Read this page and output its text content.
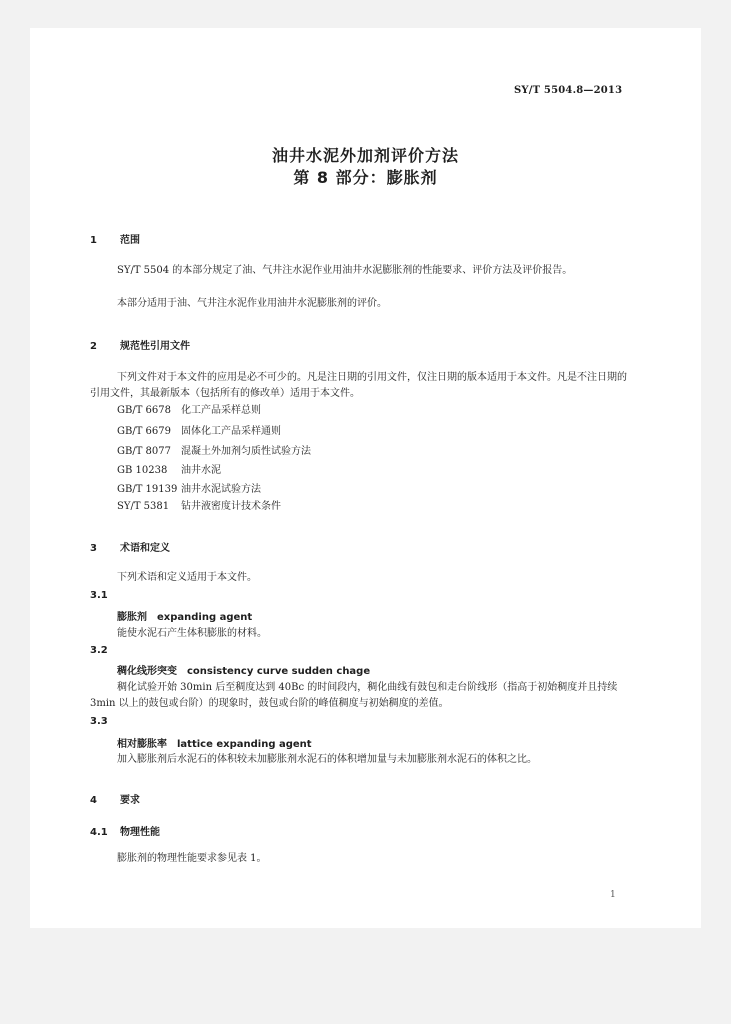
SY/T 5504.8—2013
油井水泥外加剂评价方法
第 8 部分：膨胀剂
1 范围
SY/T 5504 的本部分规定了油、气井注水泥作业用油井水泥膨胀剂的性能要求、评价方法及评价报告。
本部分适用于油、气井注水泥作业用油井水泥膨胀剂的评价。
2 规范性引用文件
下列文件对于本文件的应用是必不可少的。凡是注日期的引用文件，仅注日期的版本适用于本文件。凡是不注日期的引用文件，其最新版本（包括所有的修改单）适用于本文件。
GB/T 6678 化工产品采样总则
GB/T 6679 固体化工产品采样通则
GB/T 8077 混凝土外加剂匀质性试验方法
GB 10238 油井水泥
GB/T 19139 油井水泥试验方法
SY/T 5381 钻井液密度计技术条件
3 术语和定义
下列术语和定义适用于本文件。
3.1
膨胀剂　expanding agent
能使水泥石产生体积膨胀的材料。
3.2
稠化线形突变　consistency curve sudden chage
稠化试验开始 30min 后至稠度达到 40Bc 的时间段内，稠化曲线有鼓包和走台阶线形（指高于初始稠度并且持续 3min 以上的鼓包或台阶）的现象时，鼓包或台阶的峰值稠度与初始稠度的差值。
3.3
相对膨胀率　lattice expanding agent
加入膨胀剂后水泥石的体积较未加膨胀剂水泥石的体积增加量与未加膨胀剂水泥石的体积之比。
4 要求
4.1 物理性能
膨胀剂的物理性能要求参见表 1。
1
